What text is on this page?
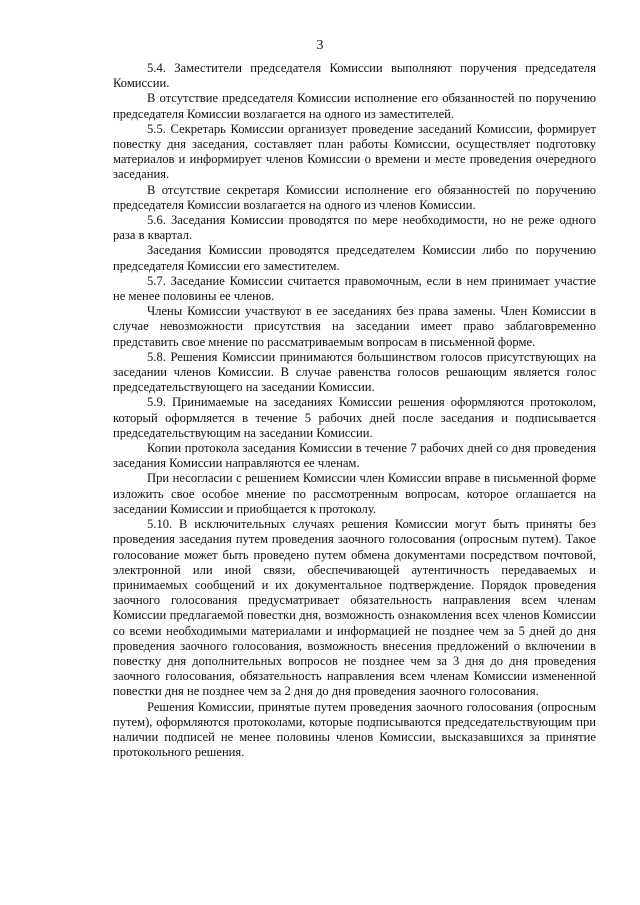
3

5.4. Заместители председателя Комиссии выполняют поручения председателя Комиссии.

В отсутствие председателя Комиссии исполнение его обязанностей по поручению председателя Комиссии возлагается на одного из заместителей.

5.5. Секретарь Комиссии организует проведение заседаний Комиссии, формирует повестку дня заседания, составляет план работы Комиссии, осуществляет подготовку материалов и информирует членов Комиссии о времени и месте проведения очередного заседания.

В отсутствие секретаря Комиссии исполнение его обязанностей по поручению председателя Комиссии возлагается на одного из членов Комиссии.

5.6. Заседания Комиссии проводятся по мере необходимости, но не реже одного раза в квартал.

Заседания Комиссии проводятся председателем Комиссии либо по поручению председателя Комиссии его заместителем.

5.7. Заседание Комиссии считается правомочным, если в нем принимает участие не менее половины ее членов.

Члены Комиссии участвуют в ее заседаниях без права замены. Член Комиссии в случае невозможности присутствия на заседании имеет право заблаговременно представить свое мнение по рассматриваемым вопросам в письменной форме.

5.8. Решения Комиссии принимаются большинством голосов присутствующих на заседании членов Комиссии. В случае равенства голосов решающим является голос председательствующего на заседании Комиссии.

5.9. Принимаемые на заседаниях Комиссии решения оформляются протоколом, который оформляется в течение 5 рабочих дней после заседания и подписывается председательствующим на заседании Комиссии.

Копии протокола заседания Комиссии в течение 7 рабочих дней со дня проведения заседания Комиссии направляются ее членам.

При несогласии с решением Комиссии член Комиссии вправе в письменной форме изложить свое особое мнение по рассмотренным вопросам, которое оглашается на заседании Комиссии и приобщается к протоколу.

5.10. В исключительных случаях решения Комиссии могут быть приняты без проведения заседания путем проведения заочного голосования (опросным путем). Такое голосование может быть проведено путем обмена документами посредством почтовой, электронной или иной связи, обеспечивающей аутентичность передаваемых и принимаемых сообщений и их документальное подтверждение. Порядок проведения заочного голосования предусматривает обязательность направления всем членам Комиссии предлагаемой повестки дня, возможность ознакомления всех членов Комиссии со всеми необходимыми материалами и информацией не позднее чем за 5 дней до дня проведения заочного голосования, возможность внесения предложений о включении в повестку дня дополнительных вопросов не позднее чем за 3 дня до дня проведения заочного голосования, обязательность направления всем членам Комиссии измененной повестки дня не позднее чем за 2 дня до дня проведения заочного голосования.

Решения Комиссии, принятые путем проведения заочного голосования (опросным путем), оформляются протоколами, которые подписываются председательствующим при наличии подписей не менее половины членов Комиссии, высказавшихся за принятие протокольного решения.
